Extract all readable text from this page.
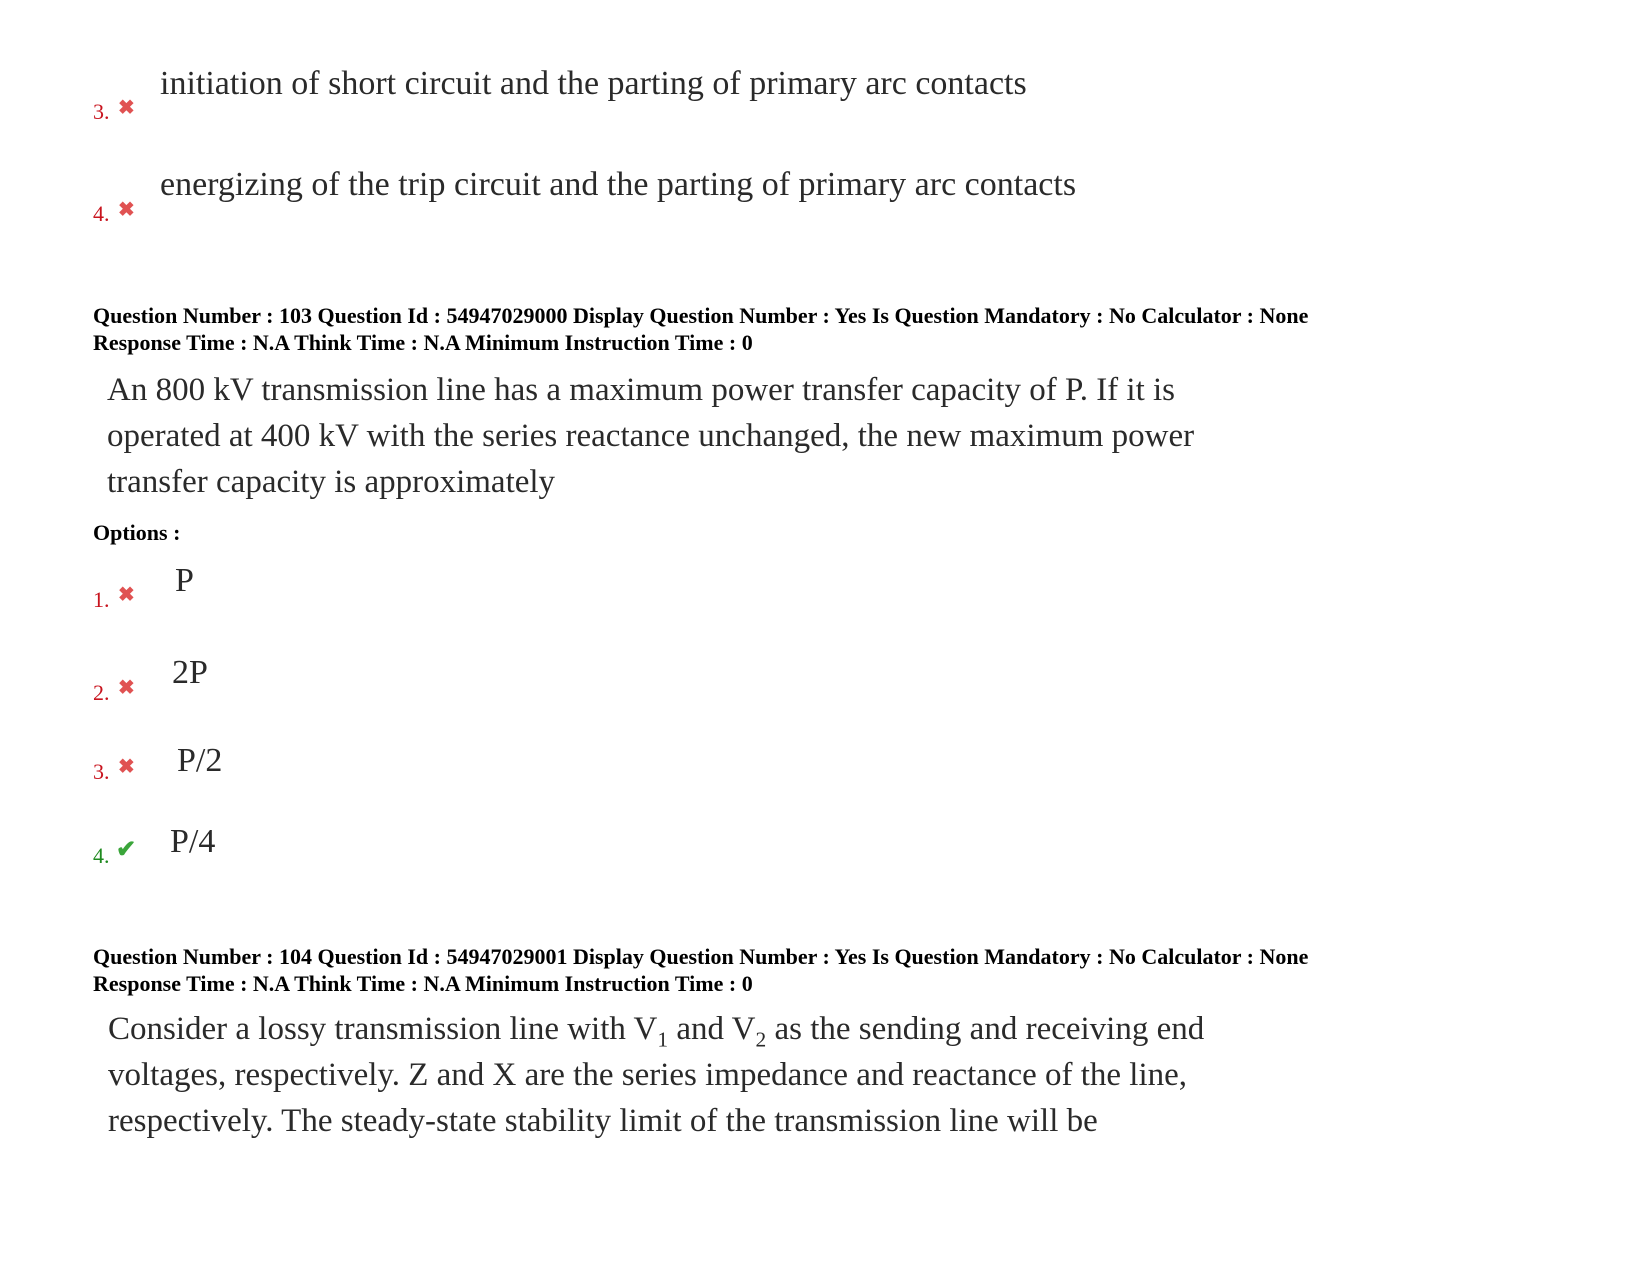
3. ✖
initiation of short circuit and the parting of primary arc contacts
4. ✖
energizing of the trip circuit and the parting of primary arc contacts
Question Number : 103 Question Id : 54947029000 Display Question Number : Yes Is Question Mandatory : No Calculator : None
Response Time : N.A Think Time : N.A Minimum Instruction Time : 0
An 800 kV transmission line has a maximum power transfer capacity of P. If it is
operated at 400 kV with the series reactance unchanged, the new maximum power
transfer capacity is approximately
Options :
1. ✖ P
2. ✖ 2P
3. ✖ P/2
4. ✔ P/4
Question Number : 104 Question Id : 54947029001 Display Question Number : Yes Is Question Mandatory : No Calculator : None
Response Time : N.A Think Time : N.A Minimum Instruction Time : 0
Consider a lossy transmission line with $V_1$ and $V_2$ as the sending and receiving end
voltages, respectively. Z and X are the series impedance and reactance of the line,
respectively. The steady-state stability limit of the transmission line will be
